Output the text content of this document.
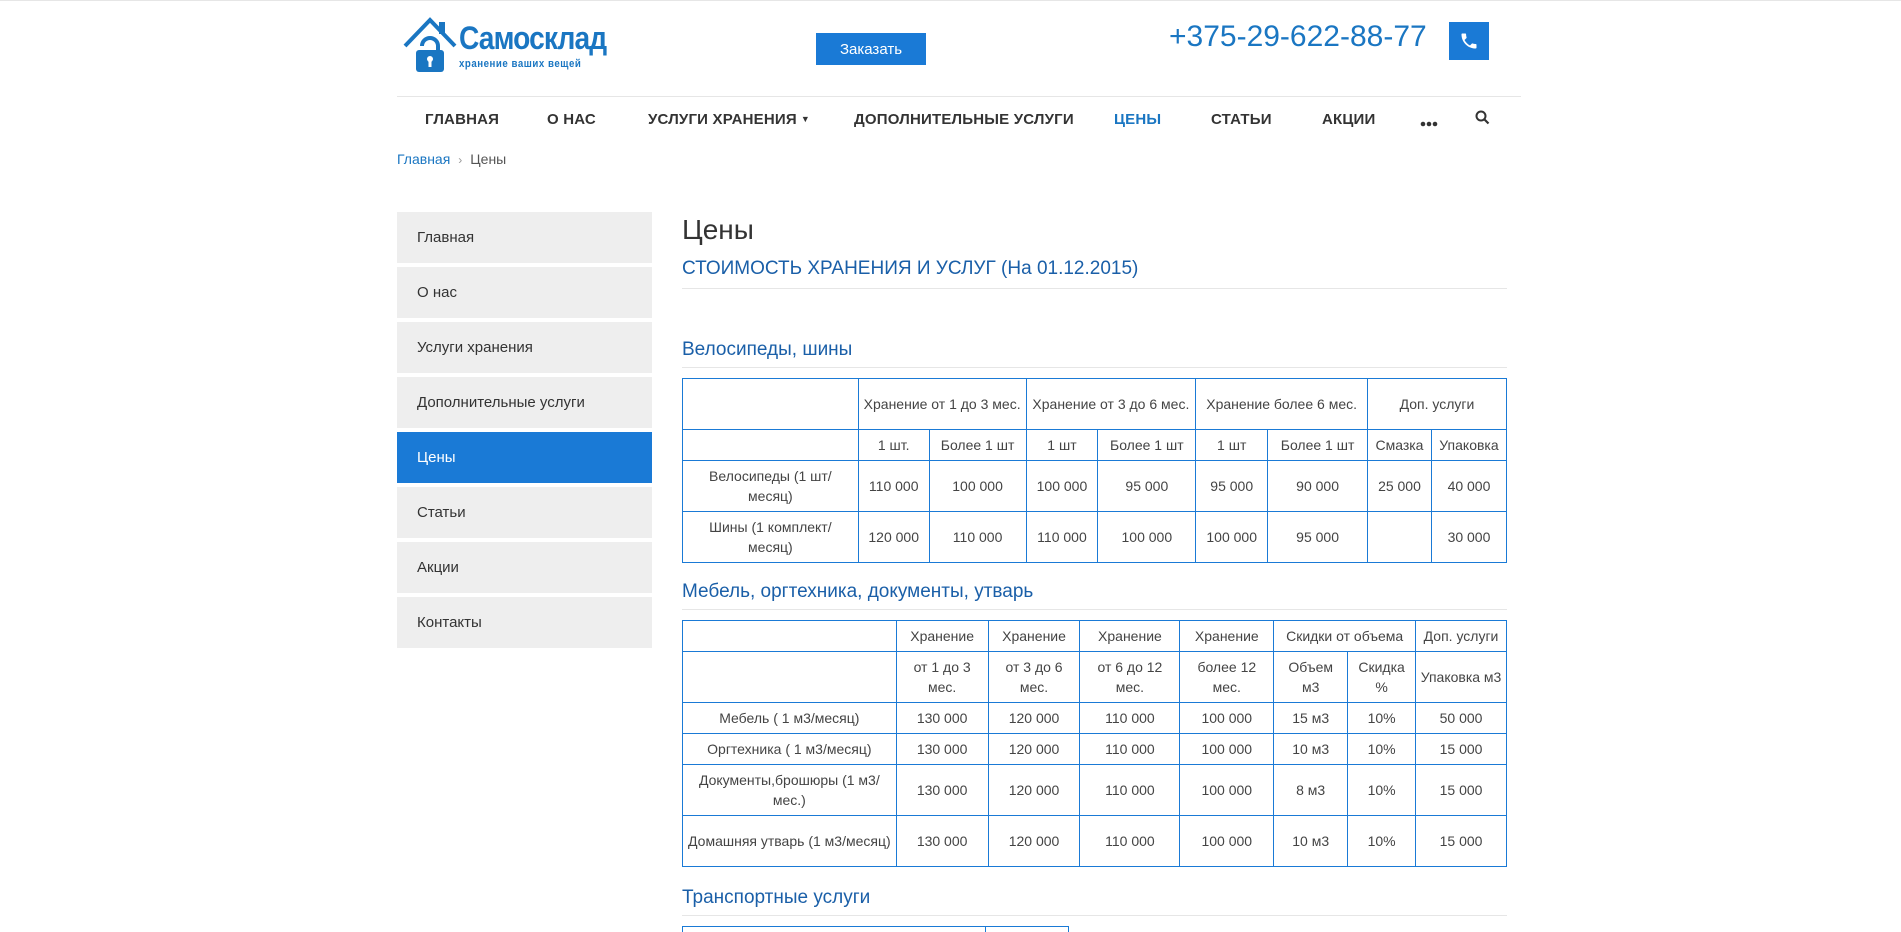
Самосклад
хранение ваших вещей
Заказать	+375-29-622-88-77
ГЛАВНАЯ	О НАС	УСЛУГИ ХРАНЕНИЯ ▼	ДОПОЛНИТЕЛЬНЫЕ УСЛУГИ	ЦЕНЫ	СТАТЬИ	АКЦИИ
Главная › Цены
Главная
О нас
Услуги хранения
Дополнительные услуги
Цены
Статьи
Акции
Контакты
Цены
СТОИМОСТЬ ХРАНЕНИЯ И УСЛУГ (На 01.12.2015)
Велосипеды, шины
	Хранение от 1 до 3 мес.		Хранение от 3 до 6 мес.		Хранение более 6 мес.		Доп. услуги	
	1 шт.	Более 1 шт	1 шт	Более 1 шт	1 шт	Более 1 шт	Смазка	Упаковка
Велосипеды (1 шт/месяц)	110 000	100 000	100 000	95 000	95 000	90 000	25 000	40 000
Шины (1 комплект/месяц)	120 000	110 000	110 000	100 000	100 000	95 000		30 000
Мебель, оргтехника, документы, утварь
	Хранение	Хранение	Хранение	Хранение	Скидки от объема		Доп. услуги
	от 1 до 3 мес.	от 3 до 6 мес.	от 6 до 12 мес.	более 12 мес.	Объем м3	Скидка %	Упаковка м3
Мебель ( 1 м3/месяц)	130 000	120 000	110 000	100 000	15 м3	10%	50 000
Оргтехника ( 1 м3/месяц)	130 000	120 000	110 000	100 000	10 м3	10%	15 000
Документы,брошюры (1 м3/мес.)	130 000	120 000	110 000	100 000	8 м3	10%	15 000
Домашняя утварь (1 м3/месяц)	130 000	120 000	110 000	100 000	10 м3	10%	15 000
Транспортные услуги
